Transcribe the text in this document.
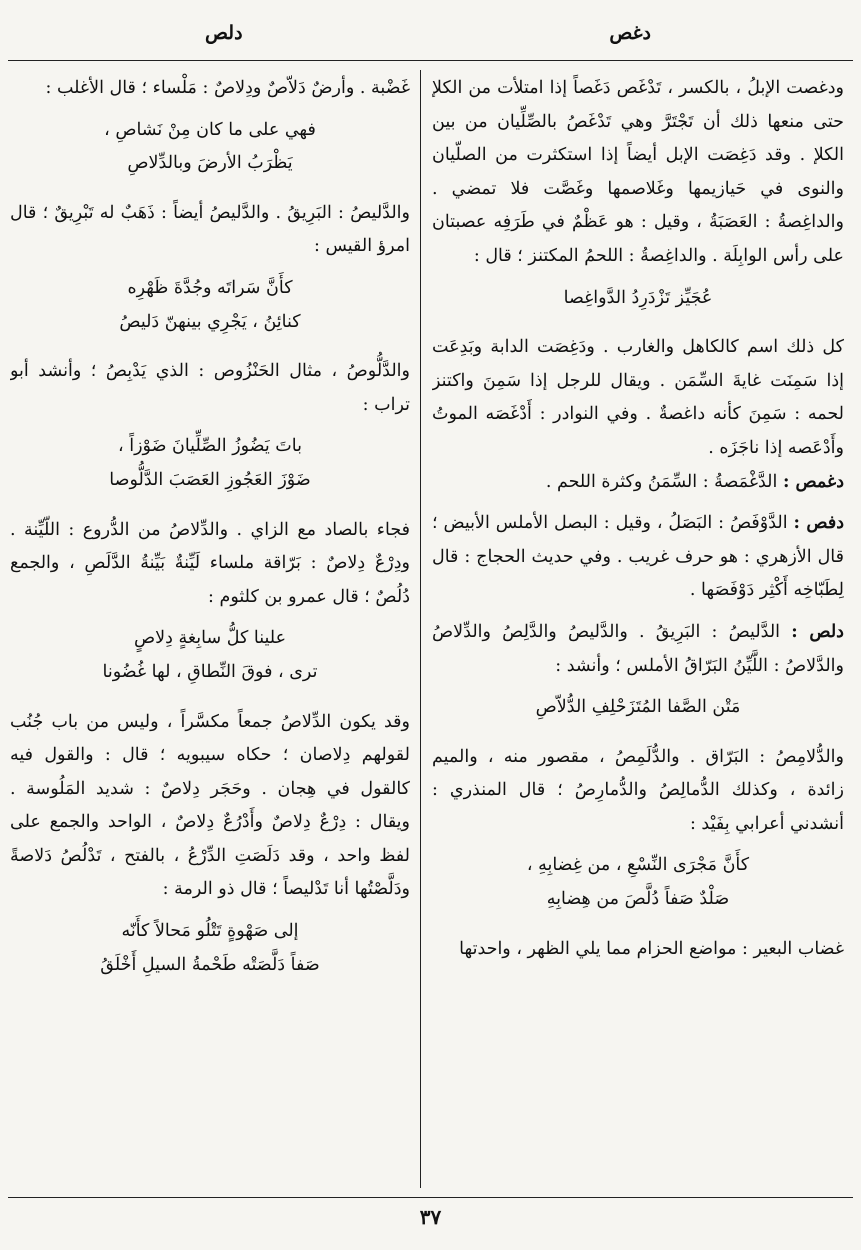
دلص	دغص

ودغصت الإبلُ ، بالكسر ، تَدْغَص دَغَصاً إذا امتلأت من الكلإ حتى منعها ذلك أن تَجْتَرَّ وهي تَدْغَصُ بالصِّلِّيان من بين الكلإ . وقد دَغِصَت الإبل أيضاً إذا استكثرت من الصلّيان والنوى في حَيازيمها وغَلاصمها وغَصَّت فلا تمضي . والداغِصةُ : العَصَبَةُ ، وقيل : هو عَظْمٌ في طَرَفِه عصبتان على رأس الوابِلَة . والداغِصةُ : اللحمُ المكتنز ؛ قال :

عُجَيِّز تَزْدَرِدُ الدَّواغِصا

كل ذلك اسم كالكاهل والغارب . ودَغِصَت الدابة وبَدِعَت إذا سَمِنَت غايةَ السِّمَن . ويقال للرجل إذا سَمِنَ واكتنز لحمه : سَمِنَ كأنه داغصةٌ . وفي النوادر : أَدْغَصَه الموتُ وأَدْعَصه إذا ناجَزَه .

دغمص : الدَّغْمَصةُ : السِّمَنُ وكثرة اللحم .

دفص : الدَّوْفَصُ : البَصَلُ ، وقيل : البصل الأملس الأبيض ؛ قال الأزهري : هو حرف غريب . وفي حديث الحجاج : قال لِطَبّاخِه أَكْثِر دَوْفَصَها .

دلص : الدَّليصُ : البَرِيقُ . والدَّليصُ والدَّلِصُ والدِّلاصُ والدَّلاصُ : اللَّيِّنُ البَرّاقُ الأملس ؛ وأنشد :

مَتْن الصَّفا المُتَزَحْلِفِ الدُّلاّصِ

والدُّلامِصُ : البَرّاق . والدُّلَمِصُ ، مقصور منه ، والميم زائدة ، وكذلك الدُّمالِصُ والدُّمارِصُ ؛ قال المنذري : أنشدني أعرابي بِفَيْد :

كأَنَّ مَجْرَى النِّسْعِ ، من غِضابِهِ ،

صَلْدٌ صَفاً دُلَّصَ من هِضابِهِ

غضاب البعير : مواضع الحزام مما يلي الظهر ، واحدتها

غَضْبة . وأرضٌ دَلاّصٌ ودِلاصٌ : مَلْساء ؛ قال الأغلب :

فهي على ما كان مِنْ نَشاصِ ،

يَظْرَبُ الأرضَ وبالدِّلاصِ

والدَّليصُ : البَرِيقُ . والدَّليصُ أيضاً : ذَهَبٌ له تَبْرِيقٌ ؛ قال امرؤ القيس :

كأَنَّ سَراتَه وجُدَّةَ ظَهْرِه

كنائِنُ ، يَجْرِي بينهنّ دَليصُ

والدَّلُّوصُ ، مثال الحَنْزُوص : الذي يَدْبِصُ ؛ وأنشد أبو تراب :

باتَ يَضُوزُ الصِّلِّيانَ ضَوْزاً ،

ضَوْزَ العَجُوزِ العَصَبَ الدَّلُّوصا

فجاء بالصاد مع الزاي . والدِّلاصُ من الدُّروع : اللّيِّنة . ودِرْعٌ دِلاصٌ : بَرّاقة ملساء لَيِّنةٌ بَيِّنةُ الدَّلَصِ ، والجمع دُلُصٌ ؛ قال عمرو بن كلثوم :

علينا كلُّ سابِغةٍ دِلاصٍ

ترى ، فوقَ النِّطاقِ ، لها غُضُونا

وقد يكون الدِّلاصُ جمعاً مكسَّراً ، وليس من باب جُنُب لقولهم دِلاصان ؛ حكاه سيبويه ؛ قال : والقول فيه كالقول في هِجان . وحَجَر دِلاصٌ : شديد المَلُوسة . ويقال : دِرْعٌ دِلاصٌ وأَدْرُعٌ دِلاصٌ ، الواحد والجمع على لفظ واحد ، وقد دَلَصَتِ الدِّرْعُ ، بالفتح ، تَدْلُصُ دَلاصةً ودَلَّصْتُها أنا تَدْليصاً ؛ قال ذو الرمة :

إلى صَهْوةٍ تَتْلُو مَحالاً كأَنّه

صَفاً دَلَّصَتْه طَحْمةُ السيلِ أَخْلَقُ

٣٧
